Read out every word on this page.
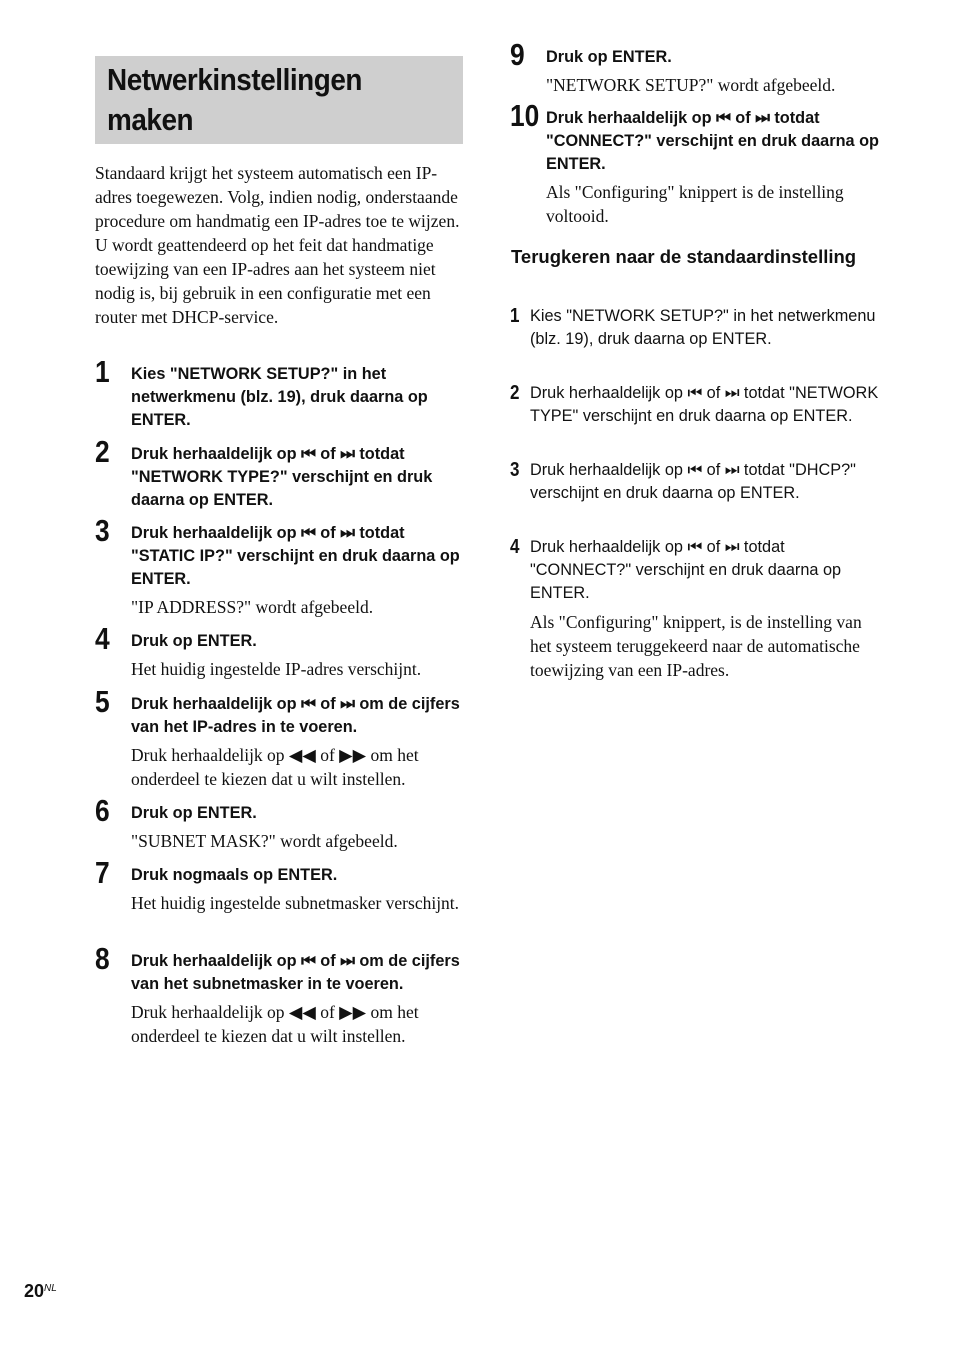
Netwerkinstellingen maken
Standaard krijgt het systeem automatisch een IP-adres toegewezen. Volg, indien nodig, onderstaande procedure om handmatig een IP-adres toe te wijzen. U wordt geattendeerd op het feit dat handmatige toewijzing van een IP-adres aan het systeem niet nodig is, bij gebruik in een configuratie met een router met DHCP-service.
1 Kies "NETWORK SETUP?" in het netwerkmenu (blz. 19), druk daarna op ENTER.
2 Druk herhaaldelijk op ⏮ of ⏭ totdat "NETWORK TYPE?" verschijnt en druk daarna op ENTER.
3 Druk herhaaldelijk op ⏮ of ⏭ totdat "STATIC IP?" verschijnt en druk daarna op ENTER.
"IP ADDRESS?" wordt afgebeeld.
4 Druk op ENTER.
Het huidig ingestelde IP-adres verschijnt.
5 Druk herhaaldelijk op ⏮ of ⏭ om de cijfers van het IP-adres in te voeren.
Druk herhaaldelijk op ◀◀ of ▶▶ om het onderdeel te kiezen dat u wilt instellen.
6 Druk op ENTER.
"SUBNET MASK?" wordt afgebeeld.
7 Druk nogmaals op ENTER.
Het huidig ingestelde subnetmasker verschijnt.
8 Druk herhaaldelijk op ⏮ of ⏭ om de cijfers van het subnetmasker in te voeren.
Druk herhaaldelijk op ◀◀ of ▶▶ om het onderdeel te kiezen dat u wilt instellen.
9 Druk op ENTER.
"NETWORK SETUP?" wordt afgebeeld.
10 Druk herhaaldelijk op ⏮ of ⏭ totdat "CONNECT?" verschijnt en druk daarna op ENTER.
Als "Configuring" knippert is de instelling voltooid.
Terugkeren naar de standaardinstelling
1 Kies "NETWORK SETUP?" in het netwerkmenu (blz. 19), druk daarna op ENTER.
2 Druk herhaaldelijk op ⏮ of ⏭ totdat "NETWORK TYPE" verschijnt en druk daarna op ENTER.
3 Druk herhaaldelijk op ⏮ of ⏭ totdat "DHCP?" verschijnt en druk daarna op ENTER.
4 Druk herhaaldelijk op ⏮ of ⏭ totdat "CONNECT?" verschijnt en druk daarna op ENTER.
Als "Configuring" knippert, is de instelling van het systeem teruggekeerd naar de automatische toewijzing van een IP-adres.
$20^{NL}$
